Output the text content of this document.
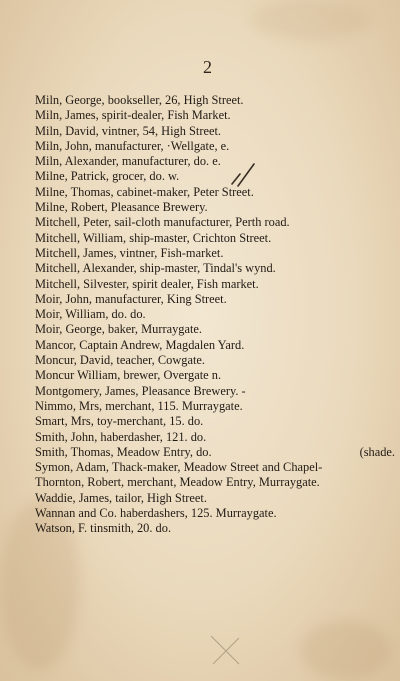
2
Miln, George, bookseller, 26, High Street.
Miln, James, spirit-dealer, Fish Market.
Miln, David, vintner, 54, High Street.
Miln, John, manufacturer, ·Wellgate, e.
Miln, Alexander, manufacturer, do. e.
Milne, Patrick, grocer, do. w.
Milne, Thomas, cabinet-maker, Peter Street.
Milne, Robert, Pleasance Brewery.
Mitchell, Peter, sail-cloth manufacturer, Perth road.
Mitchell, William, ship-master, Crichton Street.
Mitchell, James, vintner, Fish-market.
Mitchell, Alexander, ship-master, Tindal's wynd.
Mitchell, Silvester, spirit dealer, Fish market.
Moir, John, manufacturer, King Street.
Moir, William, do. do.
Moir, George, baker, Murraygate.
Mancor, Captain Andrew, Magdalen Yard.
Moncur, David, teacher, Cowgate.
Moncur William, brewer, Overgate n.
Montgomery, James, Pleasance Brewery. -
Nimmo, Mrs, merchant, 115. Murraygate.
Smart, Mrs, toy-merchant, 15. do.
Smith, John, haberdasher, 121. do.
Smith, Thomas, Meadow Entry, do.	(shade.
Symon, Adam, Thack-maker, Meadow Street and Chapel-
Thornton, Robert, merchant, Meadow Entry, Murraygate.
Waddie, James, tailor, High Street.
Wannan and Co. haberdashers, 125. Murraygate.
Watson, F. tinsmith, 20. do.
